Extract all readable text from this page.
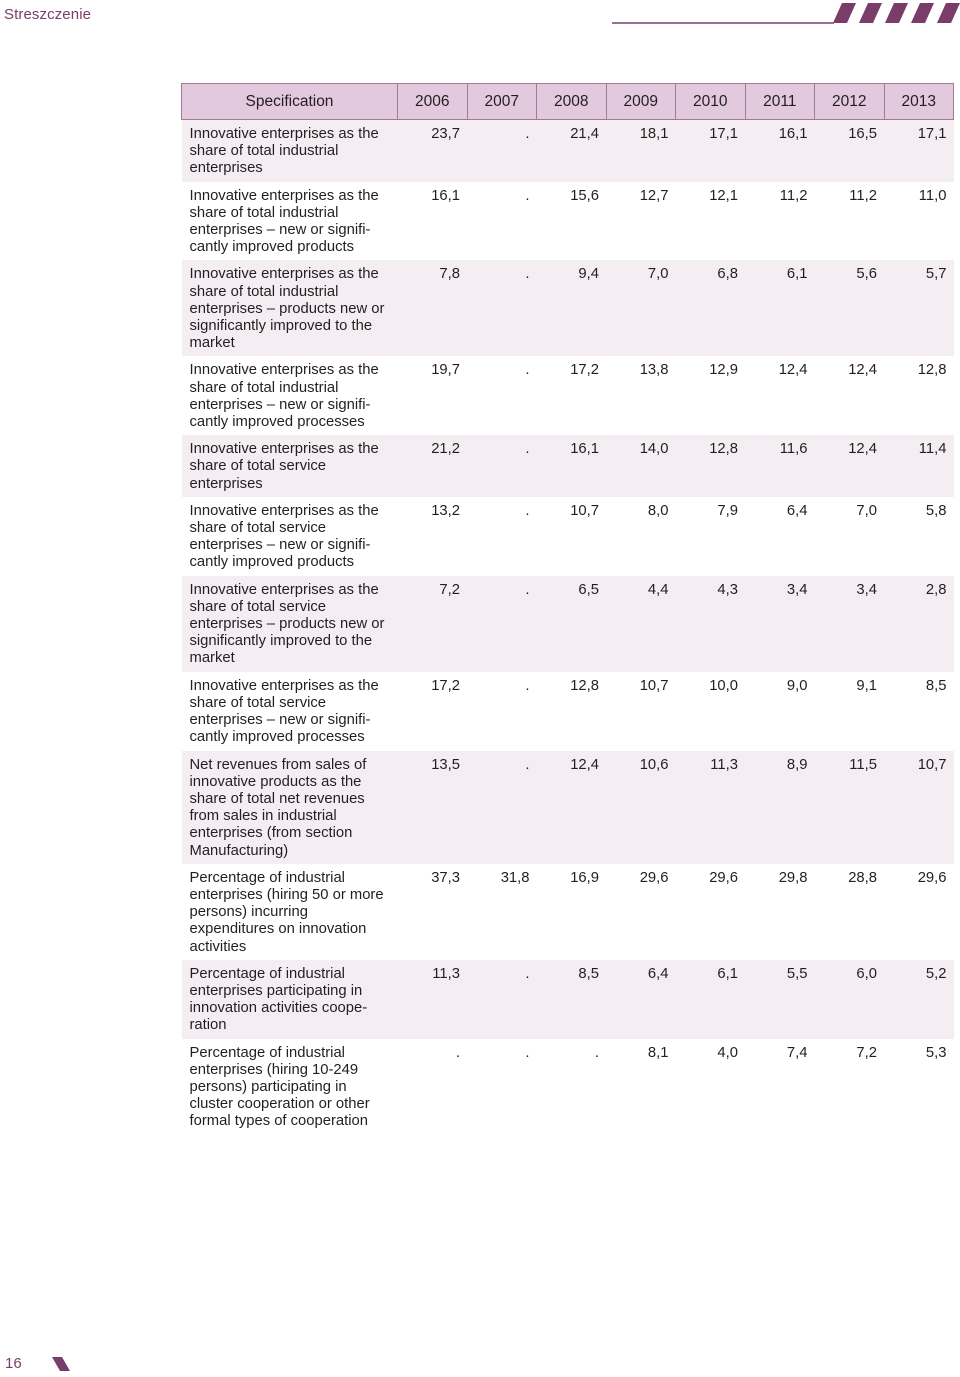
Streszczenie
Specification	2006	2007	2008	2009	2010	2011	2012	2013
Innovative enterprises as the share of total industrial enterprises	23,7	.	21,4	18,1	17,1	16,1	16,5	17,1
Innovative enterprises as the share of total industrial enterprises – new or signifi-cantly improved products	16,1	.	15,6	12,7	12,1	11,2	11,2	11,0
Innovative enterprises as the share of total industrial enterprises – products new or significantly improved to the market	7,8	.	9,4	7,0	6,8	6,1	5,6	5,7
Innovative enterprises as the share of total industrial enterprises – new or signifi-cantly improved processes	19,7	.	17,2	13,8	12,9	12,4	12,4	12,8
Innovative enterprises as the share of total service enterprises	21,2	.	16,1	14,0	12,8	11,6	12,4	11,4
Innovative enterprises as the share of total service enterprises – new or signifi-cantly improved products	13,2	.	10,7	8,0	7,9	6,4	7,0	5,8
Innovative enterprises as the share of total service enterprises – products new or significantly improved to the market	7,2	.	6,5	4,4	4,3	3,4	3,4	2,8
Innovative enterprises as the share of total service enterprises – new or signifi-cantly improved processes	17,2	.	12,8	10,7	10,0	9,0	9,1	8,5
Net revenues from sales of innovative products as the share of total net revenues from sales in industrial enterprises (from section Manufacturing)	13,5	.	12,4	10,6	11,3	8,9	11,5	10,7
Percentage of industrial enterprises (hiring 50 or more persons) incurring expenditures on innovation activities	37,3	31,8	16,9	29,6	29,6	29,8	28,8	29,6
Percentage of industrial enterprises participating in innovation activities coope-ration	11,3	.	8,5	6,4	6,1	5,5	6,0	5,2
Percentage of industrial enterprises (hiring 10-249 persons) participating in cluster cooperation or other formal types of cooperation	.	.	.	8,1	4,0	7,4	7,2	5,3
16
